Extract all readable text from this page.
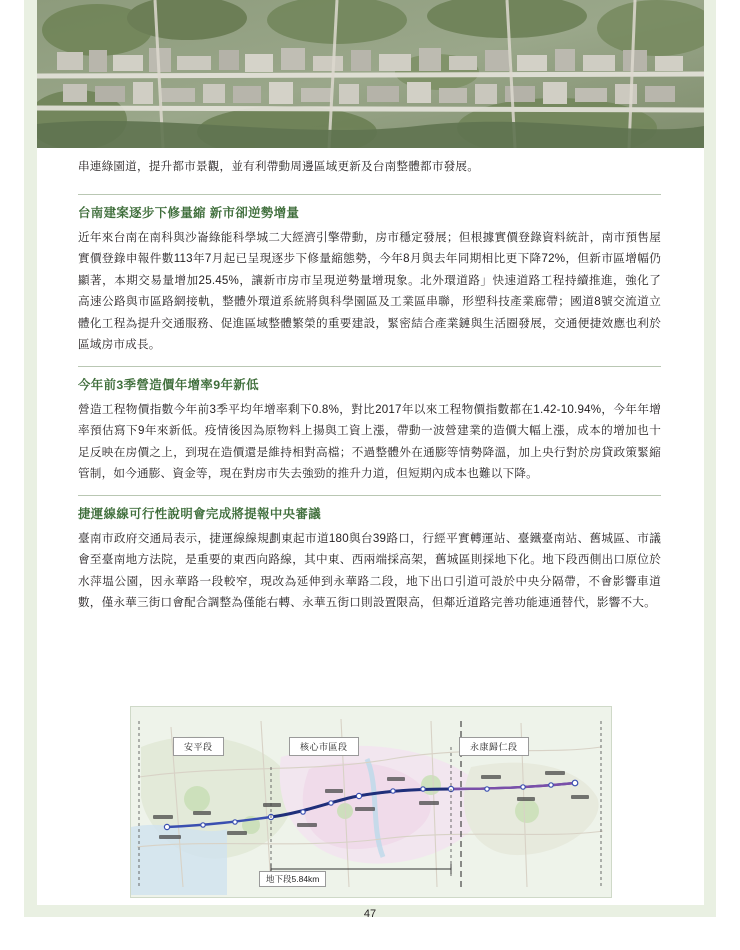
串連綠園道，提升都市景觀，並有利帶動周邊區域更新及台南整體都市發展。

台南建案逐步下修量縮 新市卻逆勢增量

近年來台南在南科與沙崙綠能科學城二大經濟引擎帶動，房市穩定發展；但根據實價登錄資料統計，南市預售屋實價登錄申報件數113年7月起已呈現逐步下修量縮態勢，今年8月與去年同期相比更下降72%，但新市區增幅仍顯著，本期交易量增加25.45%，讓新市房市呈現逆勢量增現象。北外環道路」快速道路工程持續推進，強化了高速公路與市區路網接軌，整體外環道系統將與科學園區及工業區串聯，形塑科技產業廊帶；國道8號交流道立體化工程為提升交通服務、促進區域整體繁榮的重要建設，緊密結合產業鏈與生活圈發展，交通便捷效應也利於區域房市成長。

今年前3季營造價年增率9年新低

營造工程物價指數今年前3季平均年增率剩下0.8%，對比2017年以來工程物價指數都在1.42-10.94%，今年年增率預估寫下9年來新低。疫情後因為原物料上揚與工資上漲，帶動一波營建業的造價大幅上漲，成本的增加也十足反映在房價之上，到現在造價還是維持相對高檔；不過整體外在通膨等情勢降溫，加上央行對於房貸政策緊縮管制，如今通膨、資金等，現在對房市失去強勁的推升力道，但短期內成本也難以下降。

捷運線線可行性說明會完成將提報中央審議

臺南市政府交通局表示，捷運線線規劃東起市道180與台39路口，行經平實轉運站、臺鐵臺南站、舊城區、市議會至臺南地方法院，是重要的東西向路線，其中東、西兩端採高架，舊城區則採地下化。地下段西側出口原位於水萍塭公園，因永華路一段較窄，現改為延伸到永華路二段，地下出口引道可設於中央分隔帶，不會影響車道數，僅永華三街口會配合調整為僅能右轉、永華五街口則設置限高，但鄰近道路完善功能連通替代，影響不大。

安平段	核心市區段	永康歸仁段
地下段5.84km
47
